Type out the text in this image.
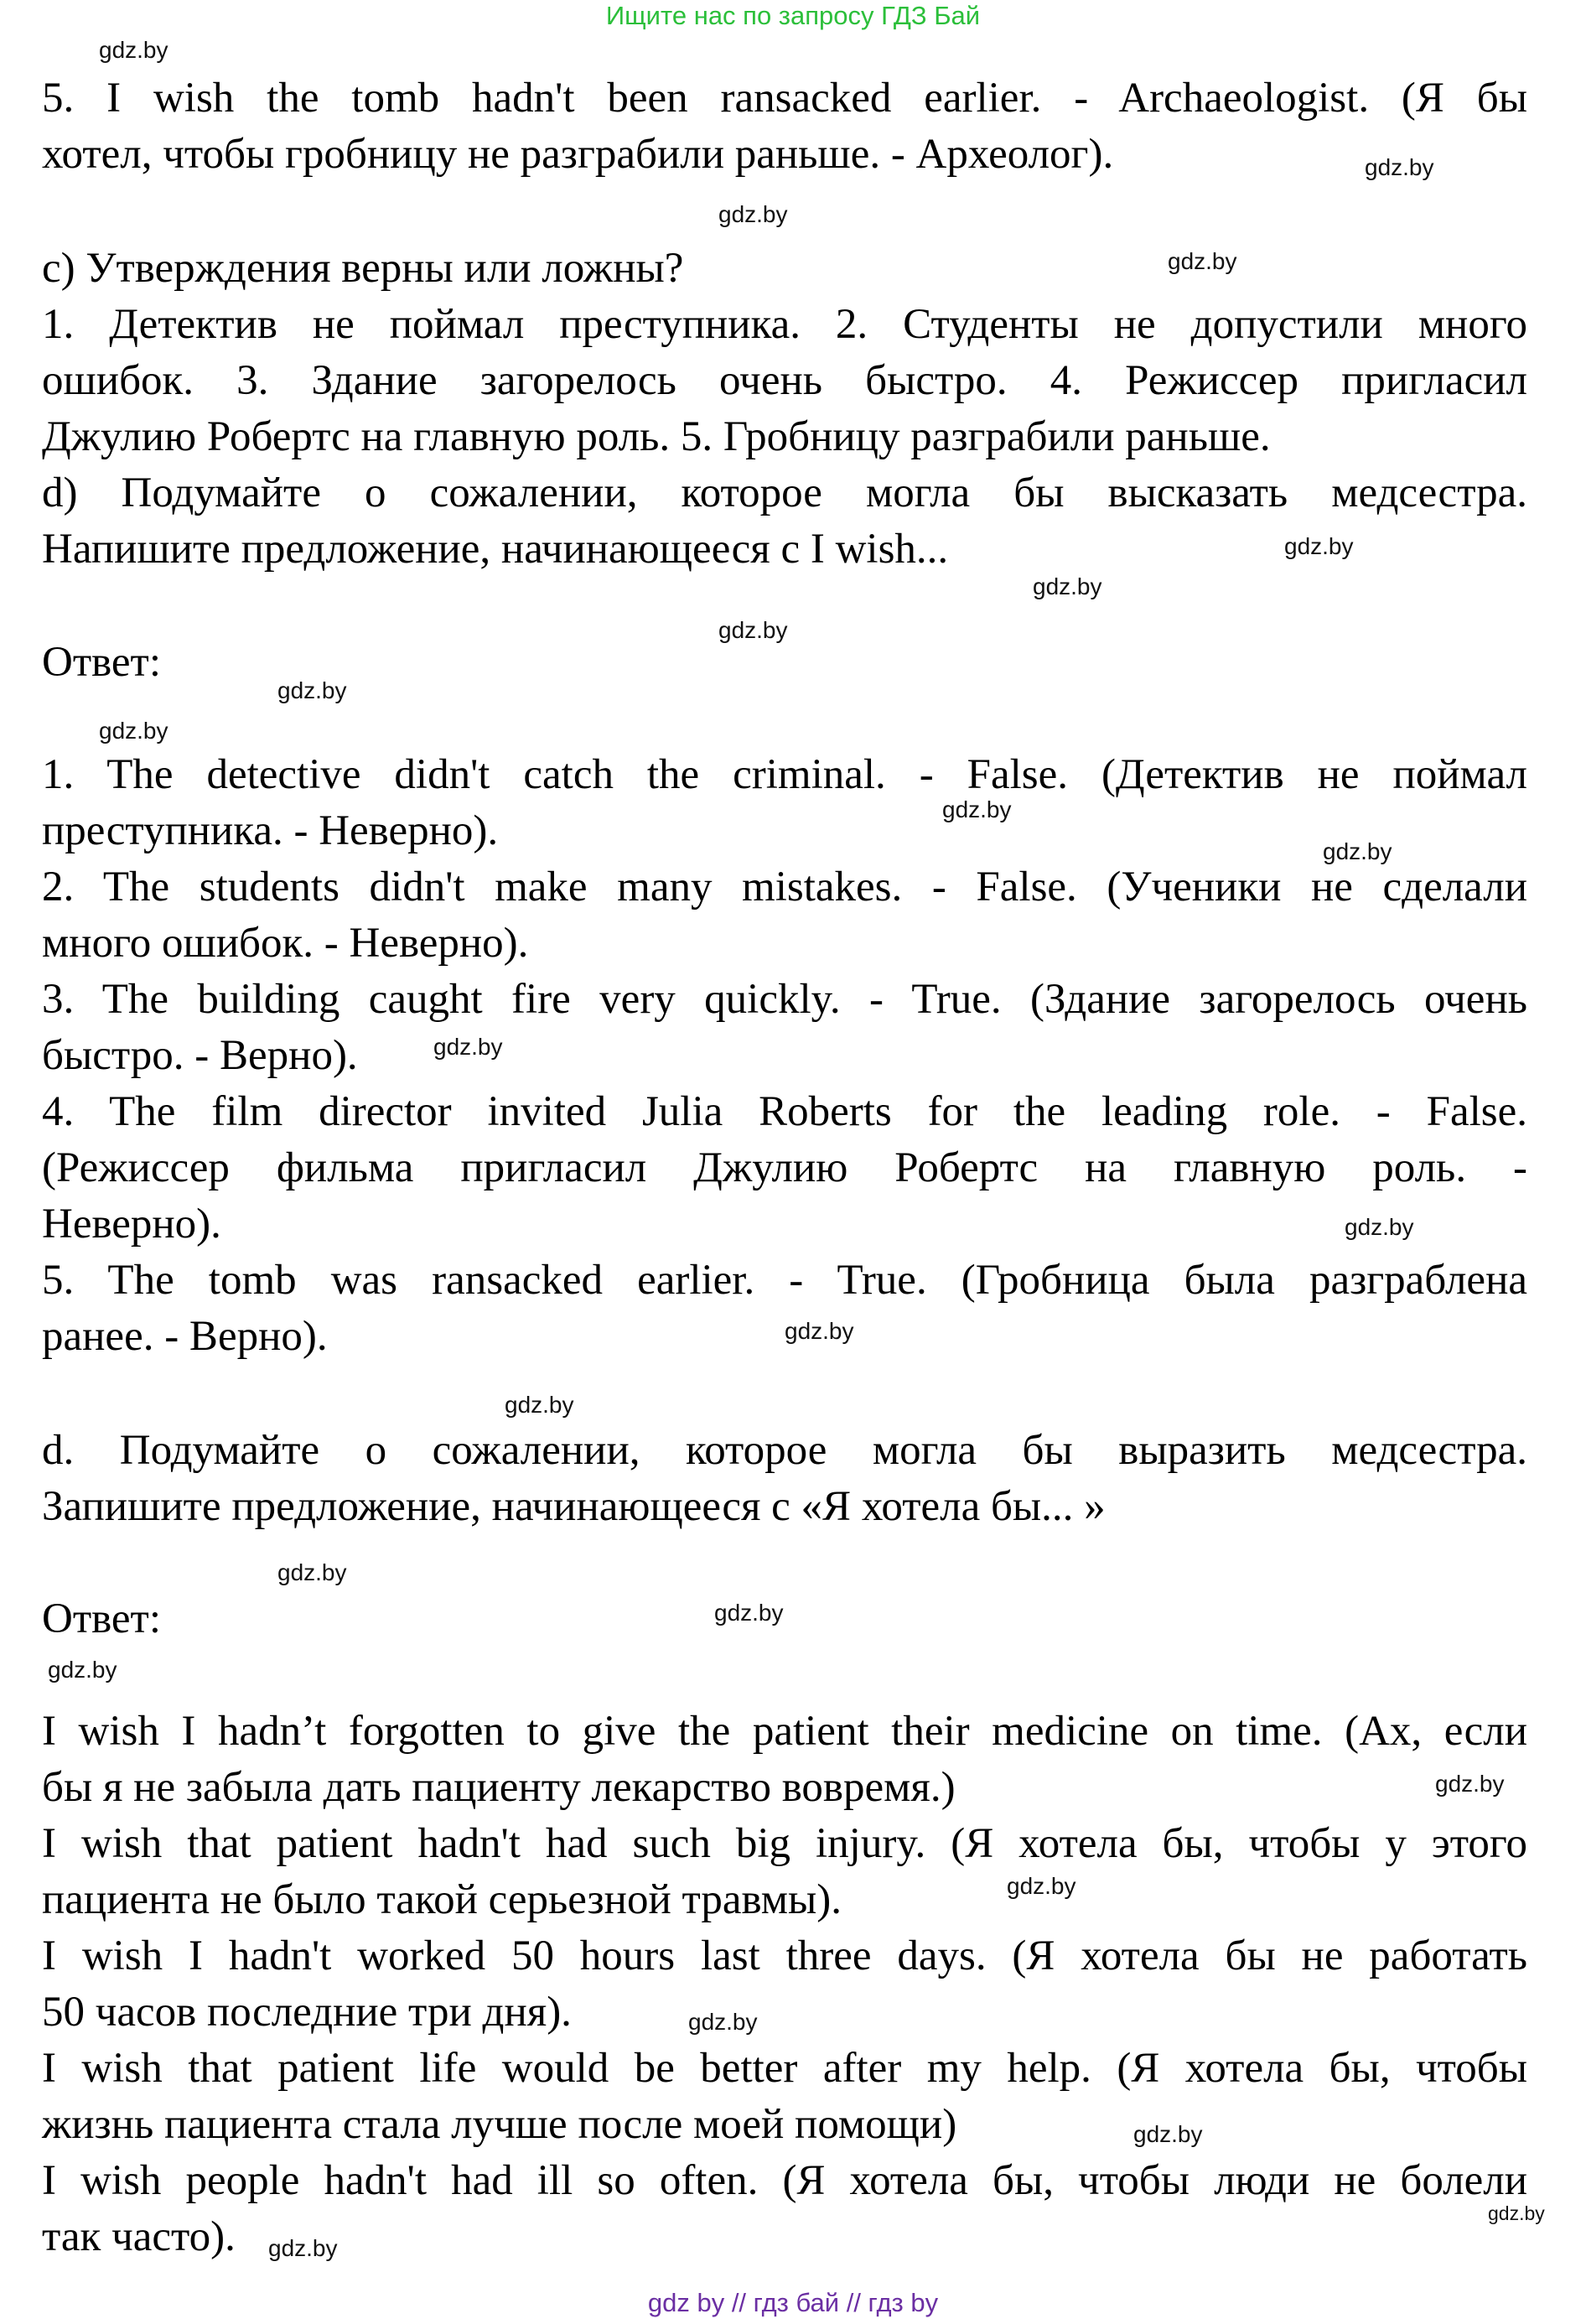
Ищите нас по запросу ГДЗ Бай
5. I wish the tomb hadn't been ransacked earlier. - Archaeologist. (Я бы
хотел, чтобы гробницу не разграбили раньше. - Археолог).
c) Утверждения верны или ложны?
1. Детектив не поймал преступника. 2. Студенты не допустили много
ошибок. 3. Здание загорелось очень быстро. 4. Режиссер пригласил
Джулию Робертс на главную роль. 5. Гробницу разграбили раньше.
d) Подумайте о сожалении, которое могла бы высказать медсестра.
Напишите предложение, начинающееся с I wish...
Ответ:
1. The detective didn't catch the criminal. - False. (Детектив не поймал
преступника. - Неверно).
2. The students didn't make many mistakes. - False. (Ученики не сделали
много ошибок. - Неверно).
3. The building caught fire very quickly. - True. (Здание загорелось очень
быстро. - Верно).
4. The film director invited Julia Roberts for the leading role. - False.
(Режиссер фильма пригласил Джулию Робертс на главную роль. -
Неверно).
5. The tomb was ransacked earlier. - True. (Гробница была разграблена
ранее. - Верно).
d. Подумайте о сожалении, которое могла бы выразить медсестра.
Запишите предложение, начинающееся с «Я хотела бы... »
Ответ:
I wish I hadn’t forgotten to give the patient their medicine on time. (Ах, если
бы я не забыла дать пациенту лекарство вовремя.)
I wish that patient hadn't had such big injury. (Я хотела бы, чтобы у этого
пациента не было такой серьезной травмы).
I wish I hadn't worked 50 hours last three days. (Я хотела бы не работать
50 часов последние три дня).
I wish that patient life would be better after my help. (Я хотела бы, чтобы
жизнь пациента стала лучше после моей помощи)
I wish people hadn't had ill so often. (Я хотела бы, чтобы люди не болели
так часто).
gdz.by
gdz.by
gdz.by
gdz.by
gdz.by
gdz.by
gdz.by
gdz.by
gdz.by
gdz.by
gdz.by
gdz.by
gdz.by
gdz.by
gdz.by
gdz.by
gdz.by
gdz.by
gdz.by
gdz.by
gdz.by
gdz.by
gdz.by
gdz.by
gdz by // гдз бай // гдз by
